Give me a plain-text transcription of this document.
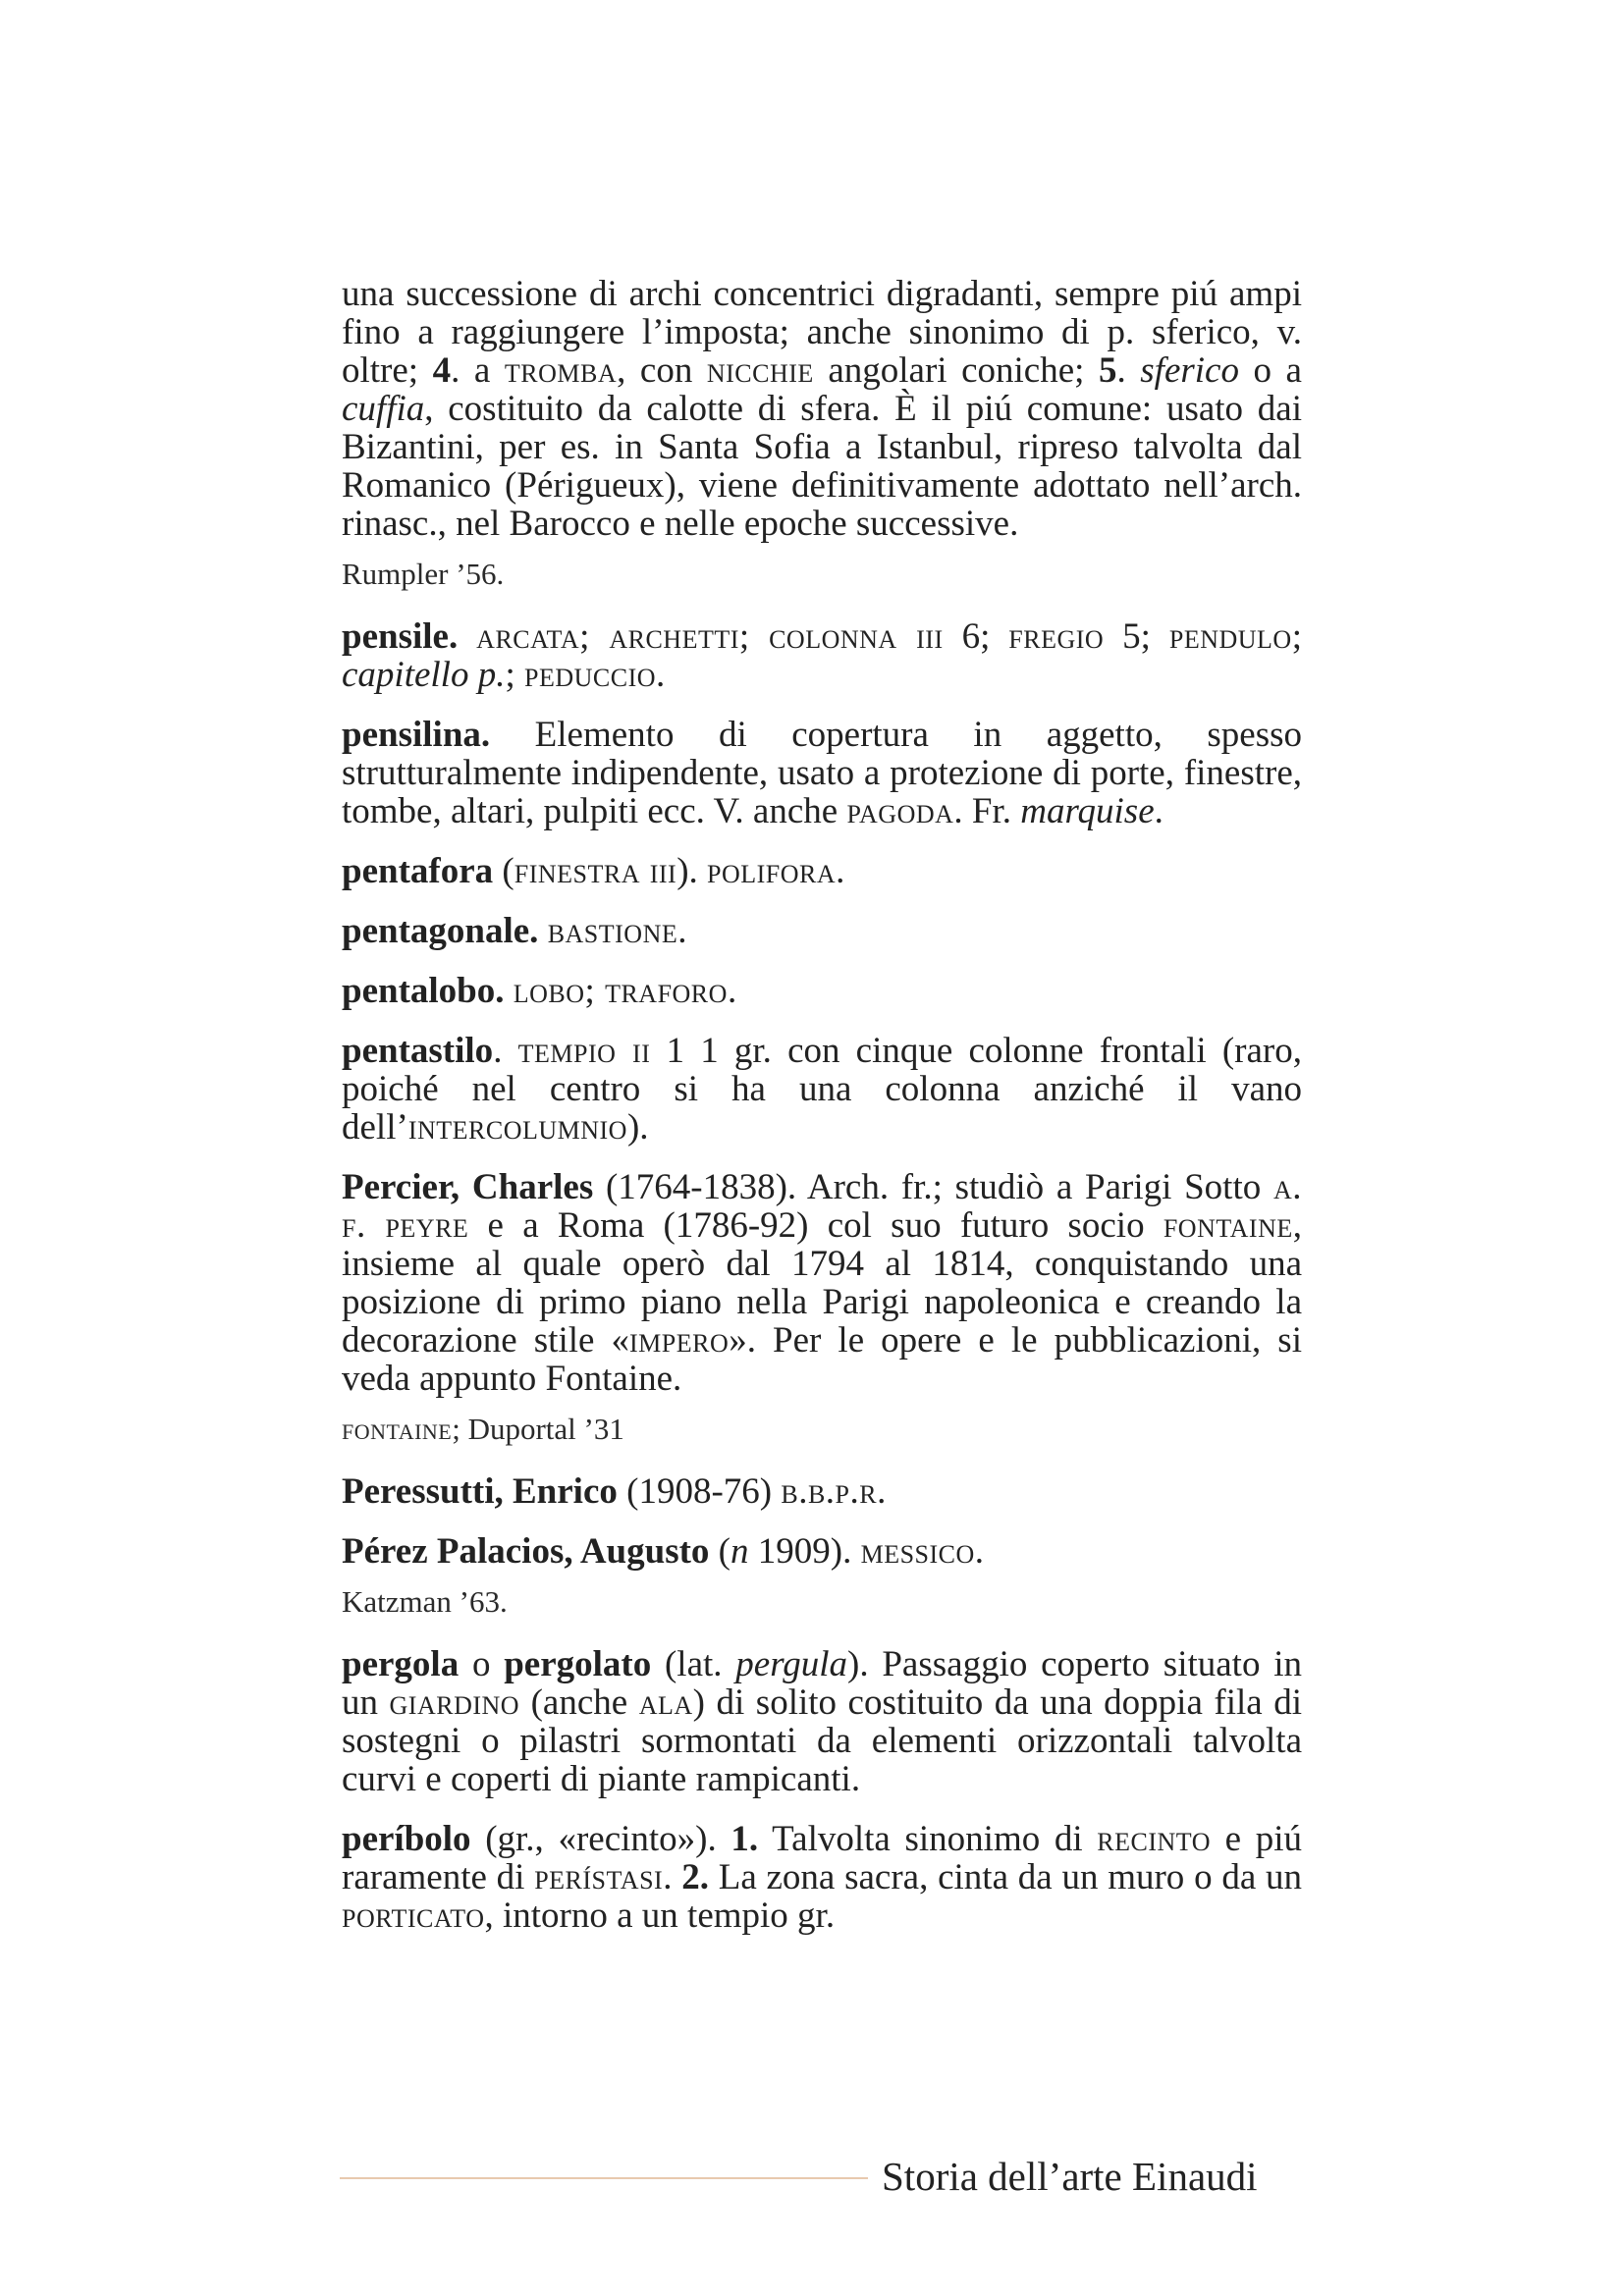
una successione di archi concentrici digradanti, sempre piú ampi fino a raggiungere l’imposta; anche sinonimo di p. sferico, v. oltre; 4. a tromba, con nicchie angolari coniche; 5. sferico o a cuffia, costituito da calotte di sfera. È il piú comune: usato dai Bizantini, per es. in Santa Sofia a Istanbul, ripreso talvolta dal Romanico (Périgueux), viene definitivamente adottato nell’arch. rinasc., nel Barocco e nelle epoche successive.

Rumpler ’56.

pensile. arcata; archetti; colonna iii 6; fregio 5; pendulo; capitello p.; peduccio.

pensilina. Elemento di copertura in aggetto, spesso strutturalmente indipendente, usato a protezione di porte, finestre, tombe, altari, pulpiti ecc. V. anche pagoda. Fr. marquise.

pentafora (finestra iii). polifora.

pentagonale. bastione.

pentalobo. lobo; traforo.

pentastilo. tempio ii 1 1 gr. con cinque colonne frontali (raro, poiché nel centro si ha una colonna anziché il vano dell’intercolumnio).

Percier, Charles (1764-1838). Arch. fr.; studiò a Parigi Sotto a. f. peyre e a Roma (1786-92) col suo futuro socio fontaine, insieme al quale operò dal 1794 al 1814, conquistando una posizione di primo piano nella Parigi napoleonica e creando la decorazione stile «impero». Per le opere e le pubblicazioni, si veda appunto Fontaine.

fontaine; Duportal ’31

Peressutti, Enrico (1908-76) b.b.p.r.

Pérez Palacios, Augusto (n 1909). messico.

Katzman ’63.

pergola o pergolato (lat. pergula). Passaggio coperto situato in un giardino (anche ala) di solito costituito da una doppia fila di sostegni o pilastri sormontati da elementi orizzontali talvolta curvi e coperti di piante rampicanti.

períbolo (gr., «recinto»). 1. Talvolta sinonimo di recinto e piú raramente di perístasi. 2. La zona sacra, cinta da un muro o da un porticato, intorno a un tempio gr.

Storia dell’arte Einaudi
